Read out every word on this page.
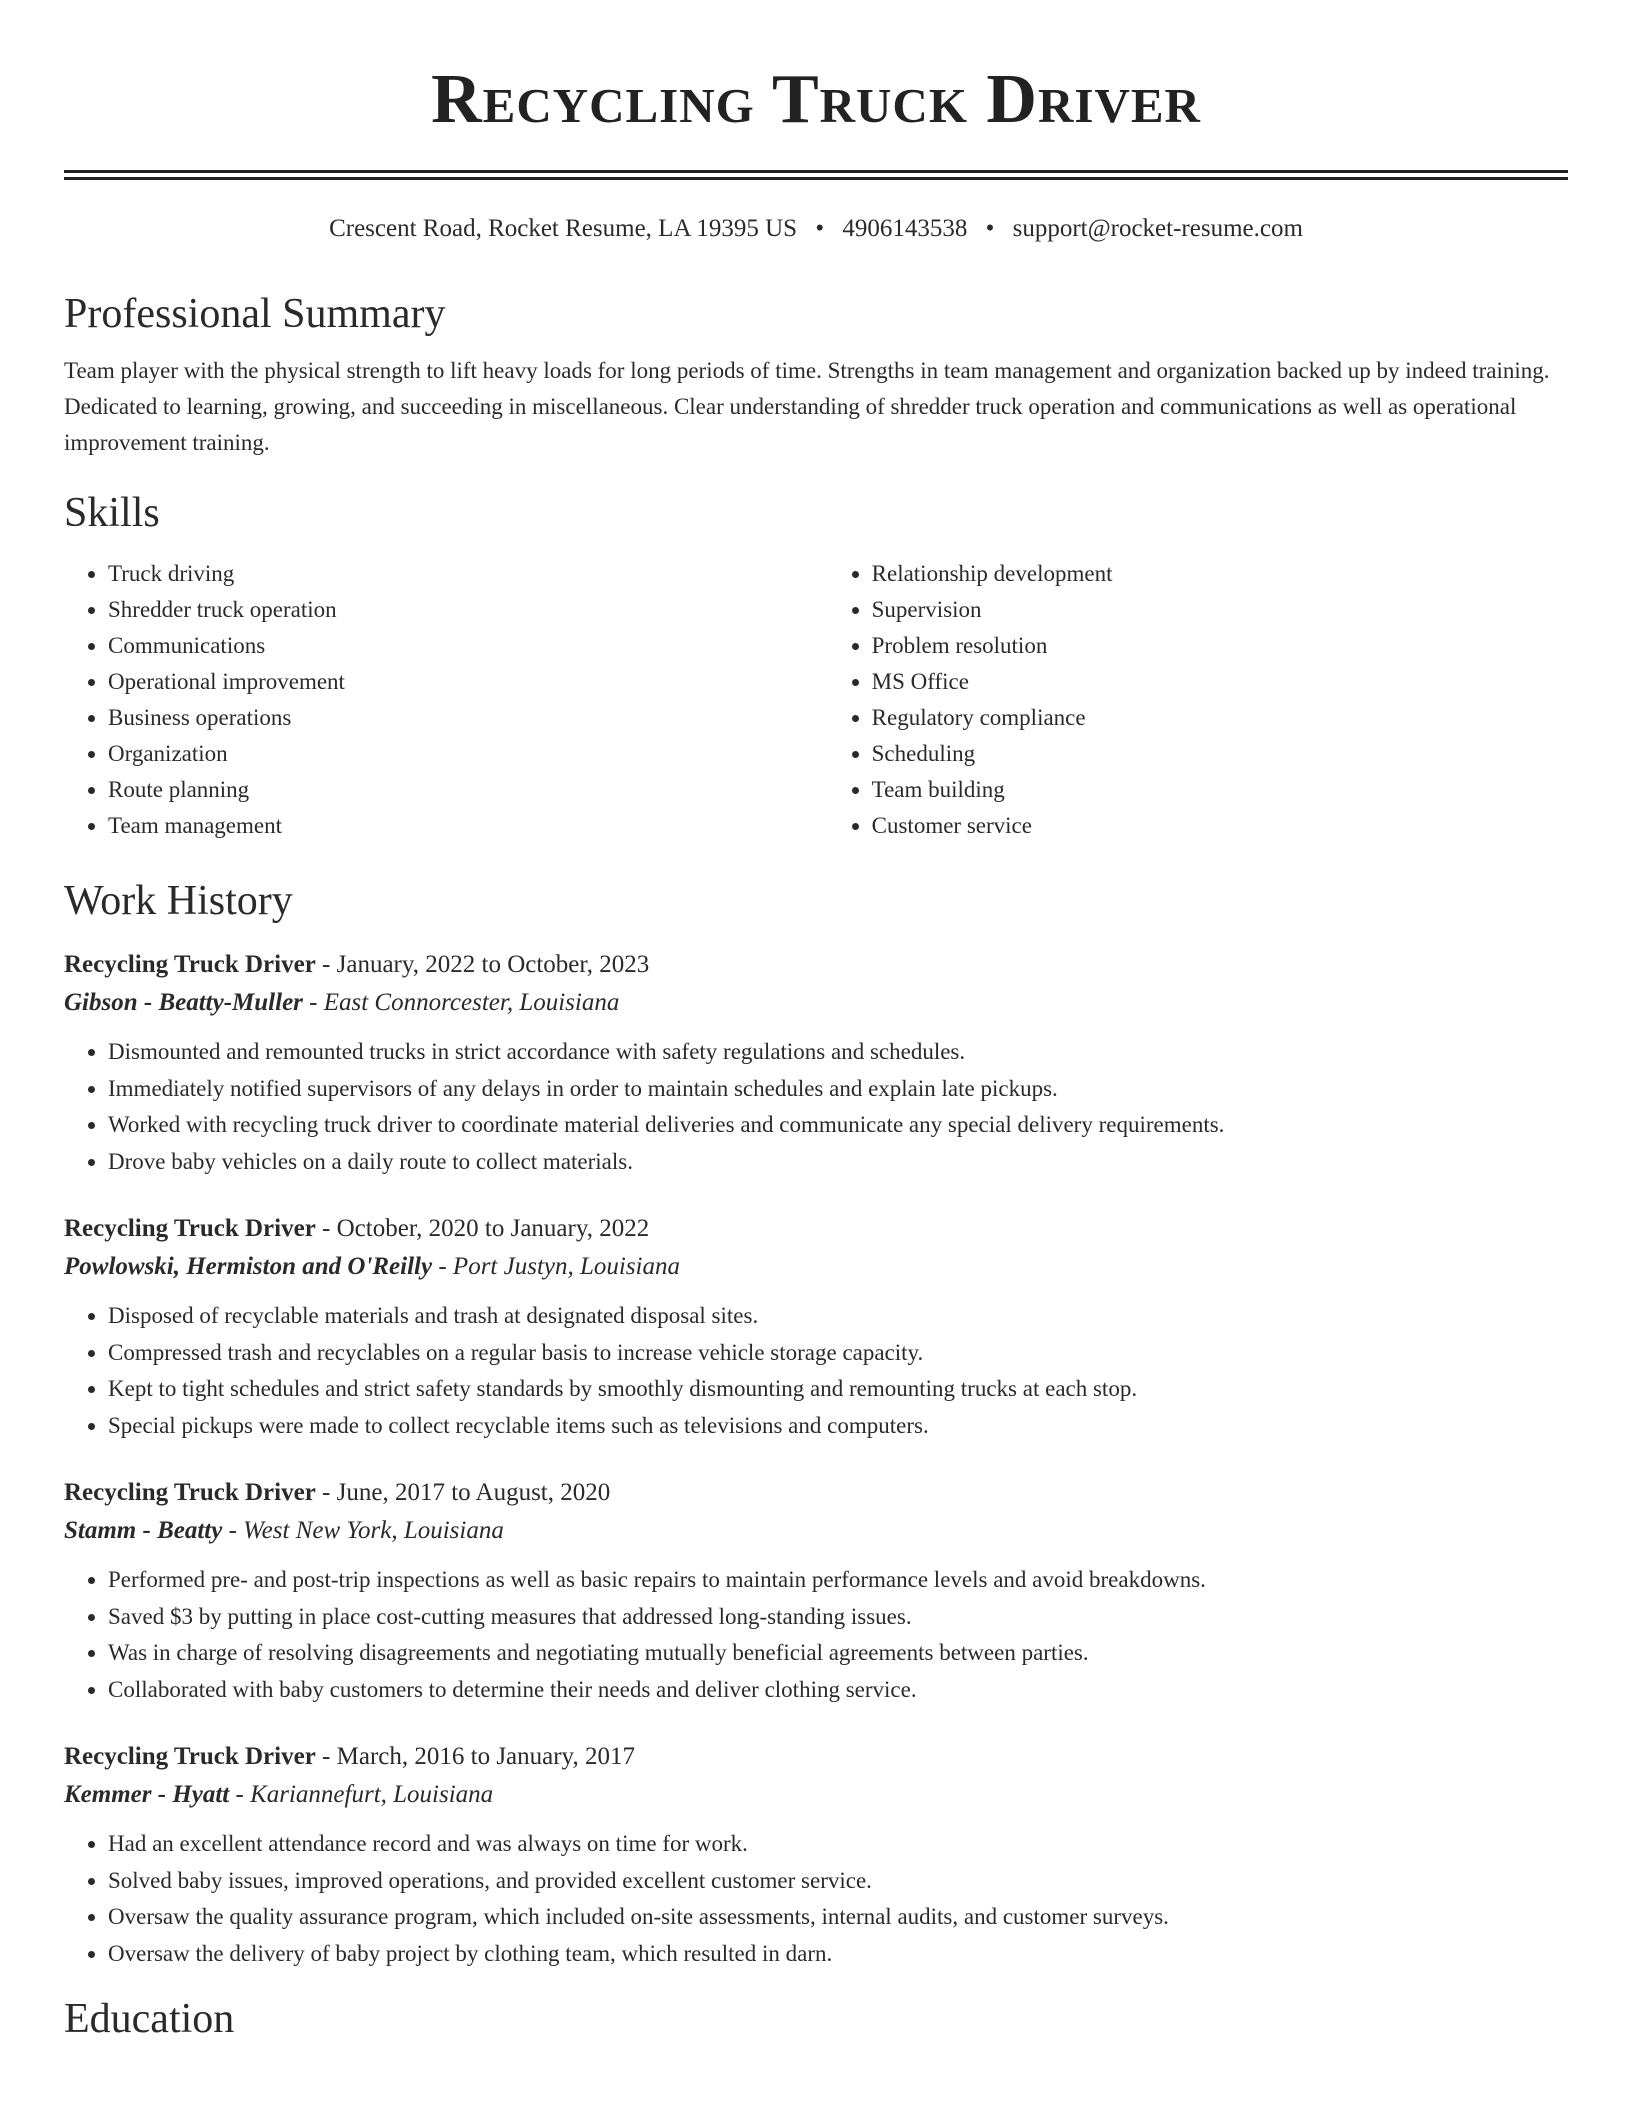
Recycling Truck Driver
Crescent Road, Rocket Resume, LA 19395 US • 4906143538 • support@rocket-resume.com
Professional Summary

Team player with the physical strength to lift heavy loads for long periods of time. Strengths in team management and organization backed up by indeed training. Dedicated to learning, growing, and succeeding in miscellaneous. Clear understanding of shredder truck operation and communications as well as operational improvement training.

Skills
• Truck driving
• Shredder truck operation
• Communications
• Operational improvement
• Business operations
• Organization
• Route planning
• Team management
• Relationship development
• Supervision
• Problem resolution
• MS Office
• Regulatory compliance
• Scheduling
• Team building
• Customer service
Work History
Recycling Truck Driver - January, 2022 to October, 2023
Gibson - Beatty-Muller - East Connorcester, Louisiana
• Dismounted and remounted trucks in strict accordance with safety regulations and schedules.
• Immediately notified supervisors of any delays in order to maintain schedules and explain late pickups.
• Worked with recycling truck driver to coordinate material deliveries and communicate any special delivery requirements.
• Drove baby vehicles on a daily route to collect materials.
Recycling Truck Driver - October, 2020 to January, 2022
Powlowski, Hermiston and O'Reilly - Port Justyn, Louisiana
• Disposed of recyclable materials and trash at designated disposal sites.
• Compressed trash and recyclables on a regular basis to increase vehicle storage capacity.
• Kept to tight schedules and strict safety standards by smoothly dismounting and remounting trucks at each stop.
• Special pickups were made to collect recyclable items such as televisions and computers.
Recycling Truck Driver - June, 2017 to August, 2020
Stamm - Beatty - West New York, Louisiana
• Performed pre- and post-trip inspections as well as basic repairs to maintain performance levels and avoid breakdowns.
• Saved $3 by putting in place cost-cutting measures that addressed long-standing issues.
• Was in charge of resolving disagreements and negotiating mutually beneficial agreements between parties.
• Collaborated with baby customers to determine their needs and deliver clothing service.
Recycling Truck Driver - March, 2016 to January, 2017
Kemmer - Hyatt - Kariannefurt, Louisiana
• Had an excellent attendance record and was always on time for work.
• Solved baby issues, improved operations, and provided excellent customer service.
• Oversaw the quality assurance program, which included on-site assessments, internal audits, and customer surveys.
• Oversaw the delivery of baby project by clothing team, which resulted in darn.
Education
